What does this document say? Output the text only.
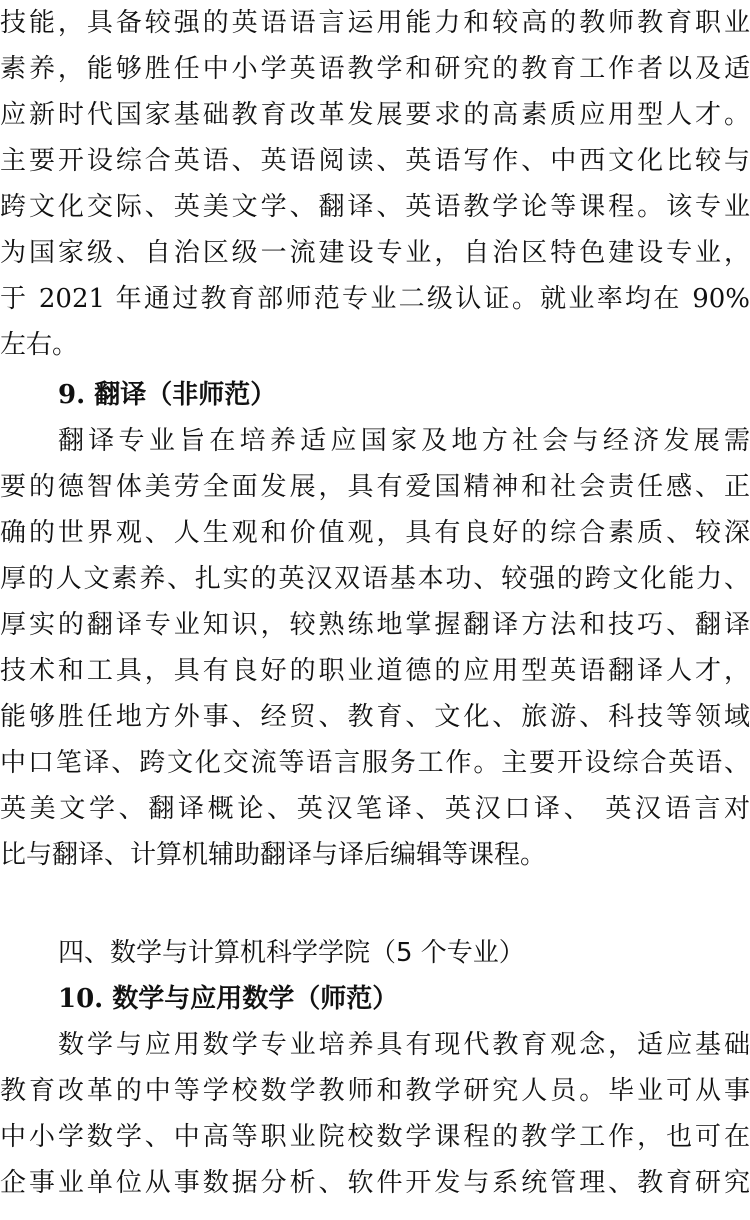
技能，具备较强的英语语言运用能力和较高的教师教育职业
素养，能够胜任中小学英语教学和研究的教育工作者以及适
应新时代国家基础教育改革发展要求的高素质应用型人才。
主要开设综合英语、英语阅读、英语写作、中西文化比较与
跨文化交际、英美文学、翻译、英语教学论等课程。该专业
为国家级、自治区级一流建设专业，自治区特色建设专业，
于 2021 年通过教育部师范专业二级认证。就业率均在 90%
左右。
9. 翻译（非师范）
翻译专业旨在培养适应国家及地方社会与经济发展需
要的德智体美劳全面发展，具有爱国精神和社会责任感、正
确的世界观、人生观和价值观，具有良好的综合素质、较深
厚的人文素养、扎实的英汉双语基本功、较强的跨文化能力、
厚实的翻译专业知识，较熟练地掌握翻译方法和技巧、翻译
技术和工具，具有良好的职业道德的应用型英语翻译人才，
能够胜任地方外事、经贸、教育、文化、旅游、科技等领域
中口笔译、跨文化交流等语言服务工作。主要开设综合英语、
英美文学、翻译概论、英汉笔译、英汉口译、 英汉语言对
比与翻译、计算机辅助翻译与译后编辑等课程。
四、数学与计算机科学学院（5 个专业）
10. 数学与应用数学（师范）
数学与应用数学专业培养具有现代教育观念，适应基础
教育改革的中等学校数学教师和教学研究人员。毕业可从事
中小学数学、中高等职业院校数学课程的教学工作，也可在
企事业单位从事数据分析、软件开发与系统管理、教育研究
